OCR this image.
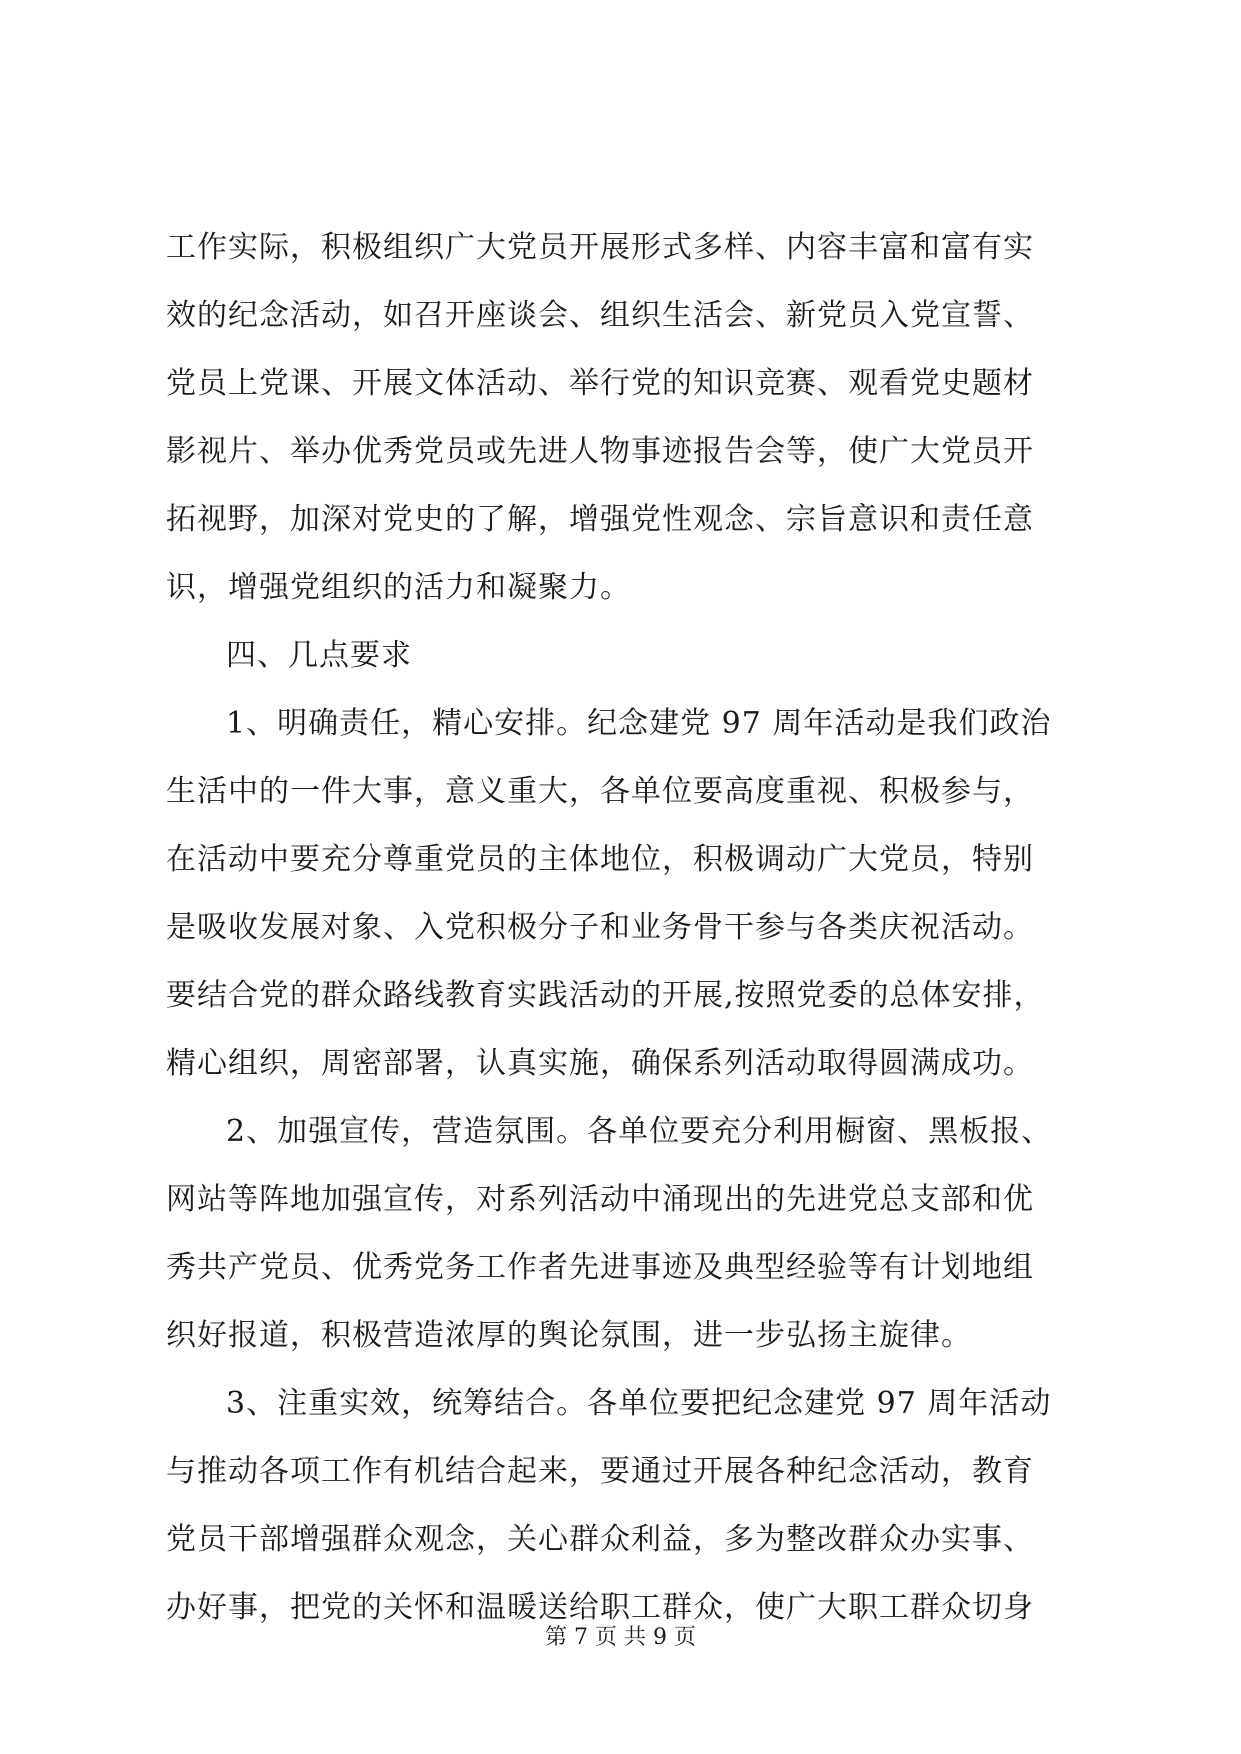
工作实际，积极组织广大党员开展形式多样、内容丰富和富有实
效的纪念活动，如召开座谈会、组织生活会、新党员入党宣誓、
党员上党课、开展文体活动、举行党的知识竞赛、观看党史题材
影视片、举办优秀党员或先进人物事迹报告会等，使广大党员开
拓视野，加深对党史的了解，增强党性观念、宗旨意识和责任意
识，增强党组织的活力和凝聚力。
四、几点要求
1、明确责任，精心安排。纪念建党 97 周年活动是我们政治
生活中的一件大事，意义重大，各单位要高度重视、积极参与，
在活动中要充分尊重党员的主体地位，积极调动广大党员，特别
是吸收发展对象、入党积极分子和业务骨干参与各类庆祝活动。
要结合党的群众路线教育实践活动的开展,按照党委的总体安排，
精心组织，周密部署，认真实施，确保系列活动取得圆满成功。
2、加强宣传，营造氛围。各单位要充分利用橱窗、黑板报、
网站等阵地加强宣传，对系列活动中涌现出的先进党总支部和优
秀共产党员、优秀党务工作者先进事迹及典型经验等有计划地组
织好报道，积极营造浓厚的舆论氛围，进一步弘扬主旋律。
3、注重实效，统筹结合。各单位要把纪念建党 97 周年活动
与推动各项工作有机结合起来，要通过开展各种纪念活动，教育
党员干部增强群众观念，关心群众利益，多为整改群众办实事、
办好事，把党的关怀和温暖送给职工群众，使广大职工群众切身
第 7 页 共 9 页
